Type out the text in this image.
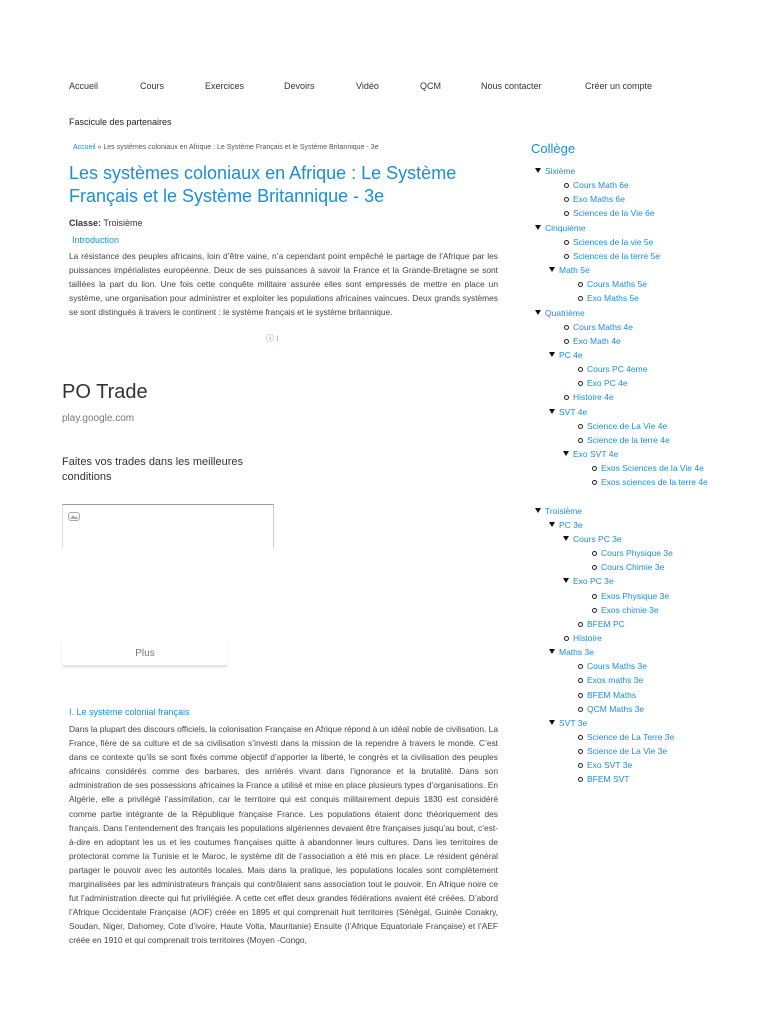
Accueil	Cours	Exercices	Devoirs	Vidéo	QCM	Nous contacter	Créer un compte
Fascicule des partenaires
Accueil » Les systèmes coloniaux en Afrique : Le Système Français et le Système Britannique - 3e
Les systèmes coloniaux en Afrique : Le Système Français et le Système Britannique - 3e
Classe: Troisième
Introduction

La résistance des peuples africains, loin d’être vaine, n’a cependant point empêché le partage de l’Afrique par les puissances impérialistes européenne. Deux de ses puissances à savoir la France et la Grande-Bretagne se sont taillées la part du lion. Une fois cette conquête militaire assurée elles sont empressés de mettre en place un système, une organisation pour administrer et exploiter les populations africaines vaincues. Deux grands systèmes se sont distingués à travers le continent : le système français et le système britannique.

ⓘ ⁝
PO Trade
play.google.com
Faites vos trades dans les meilleures conditions
Plus
I. Le système colonial français

Dans la plupart des discours officiels, la colonisation Française en Afrique répond à un idéal noble de civilisation. La France, fière de sa culture et de sa civilisation s’investi dans la mission de la rependre à travers le monde. C’est dans ce contexte qu’ils se sont fixés comme objectif d’apporter la liberté, le congrès et la civilisation des peuples africains considérés comme des barbares, des arriérés vivant dans l’ignorance et la brutalité. Dans son administration de ses possessions africaines la France a utilisé et mise en place plusieurs types d’organisations. En Algérie, elle a privilégié l’assimilation, car le territoire qui est conquis militairement depuis 1830 est considéré comme partie intégrante de la République française France. Les populations étaient donc théoriquement des français. Dans l’entendement des français les populations algériennes devaient être françaises jusqu’au bout, c’est-à-dire en adoptant les us et les coutumes françaises quitte à abandonner leurs cultures. Dans les territoires de protectorat comme la Tunisie et le Maroc, le système dit de l’association a été mis en place. Le résident général partager le pouvoir avec les autorités locales. Mais dans la pratique, les populations locales sont complètement marginalisées par les administrateurs français qui contrôlaient sans association tout le pouvoir. En Afrique noire ce fut l’administration directe qui fut privilégiée. A cette cet effet deux grandes fédérations avaient été créées. D’abord l’Afrique Occidentale Française (AOF) créée en 1895 et qui comprenait huit territoires (Sénégal, Guinée Conakry, Soudan, Niger, Dahomey, Cote d’ivoire, Haute Volta, Mauritanie) Ensuite (l’Afrique Equatoriale Française) et l’AEF créée en 1910 et qui comprenait trois territoires (Moyen -Congo,

Collège
Sixième
Cours Math 6e
Exo Maths 6e
Sciences de la Vie 6e
Cinquième
Sciences de la vie 5e
Sciences de la terre 5e
Math 5e
Cours Maths 5e
Exo Maths 5e
Quatrième
Cours Maths 4e
Exo Math 4e
PC 4e
Cours PC 4eme
Exo PC 4e
Histoire 4e
SVT 4e
Science de La Vie 4e
Science de la terre 4e
Exo SVT 4e
Exos Sciences de la Vie 4e
Exos sciences de la terre 4e
Troisième
PC 3e
Cours PC 3e
Cours Physique 3e
Cours Chimie 3e
Exo PC 3e
Exos Physique 3e
Exos chimie 3e
BFEM PC
Histoire
Maths 3e
Cours Maths 3e
Exos maths 3e
BFEM Maths
QCM Maths 3e
SVT 3e
Science de La Terre 3e
Science de La Vie 3e
Exo SVT 3e
BFEM SVT
